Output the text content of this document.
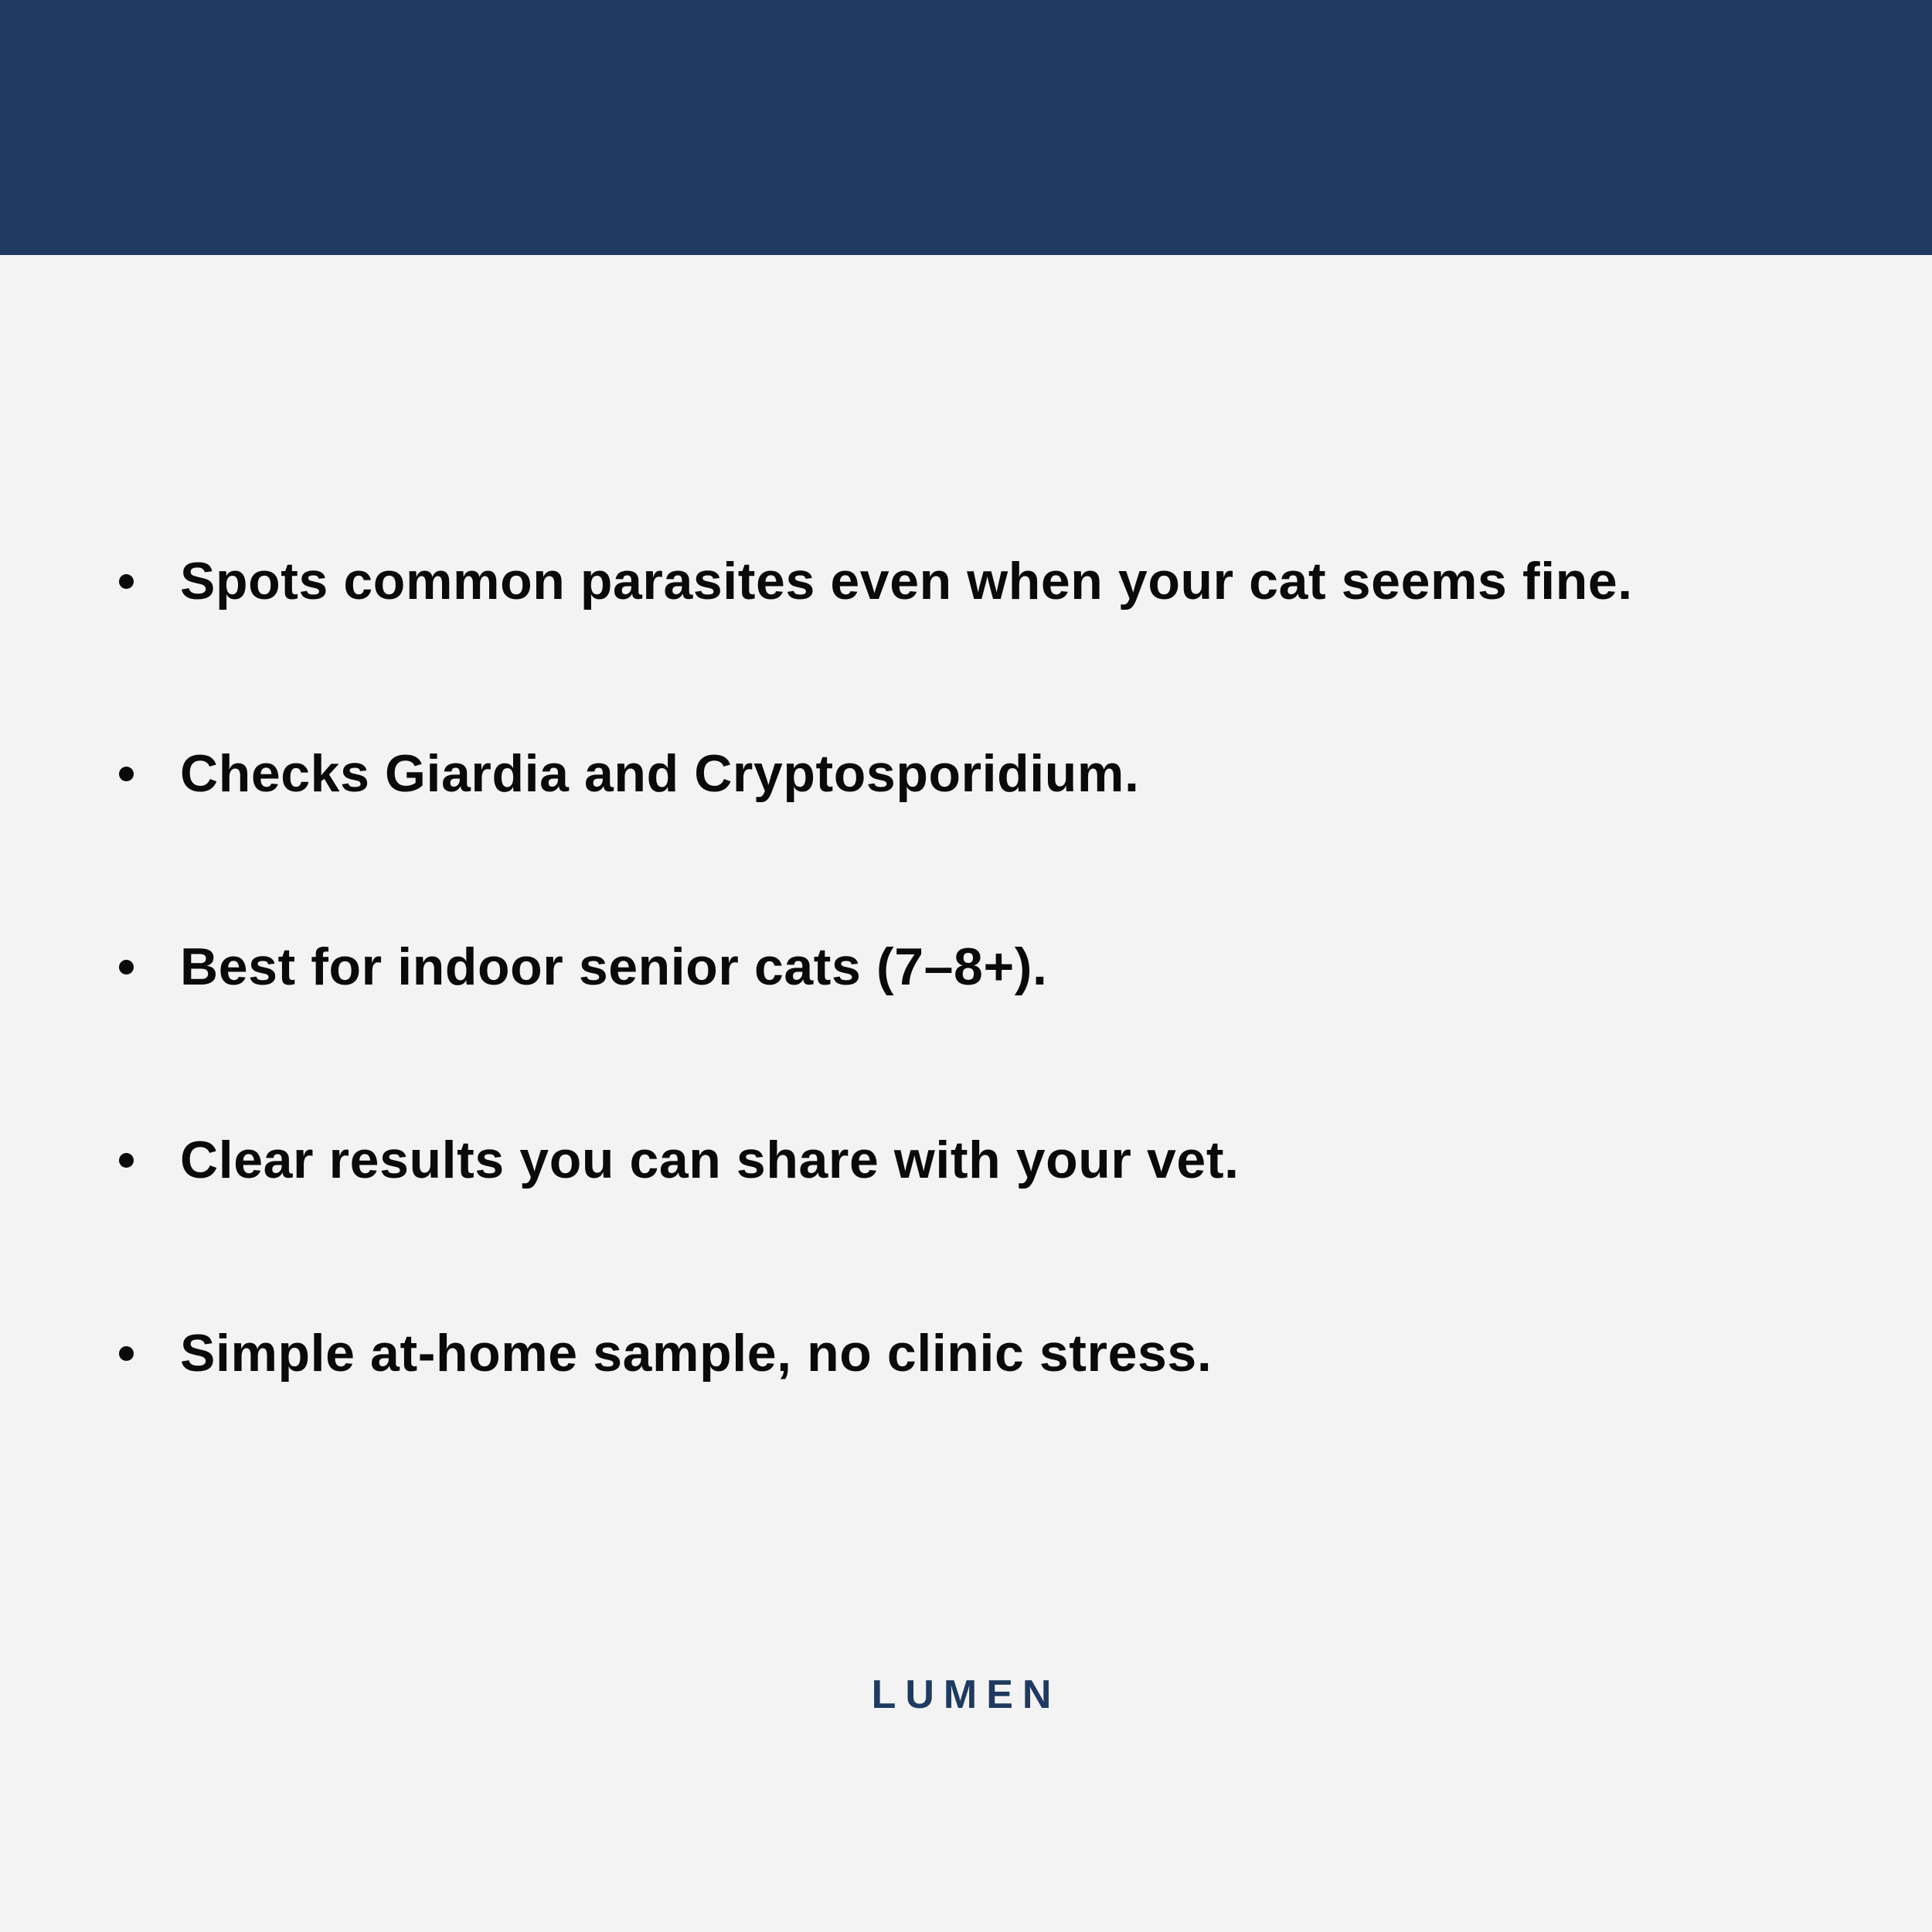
Spots common parasites even when your cat seems fine.
Checks Giardia and Cryptosporidium.
Best for indoor senior cats (7–8+).
Clear results you can share with your vet.
Simple at-home sample, no clinic stress.
LUMEN
